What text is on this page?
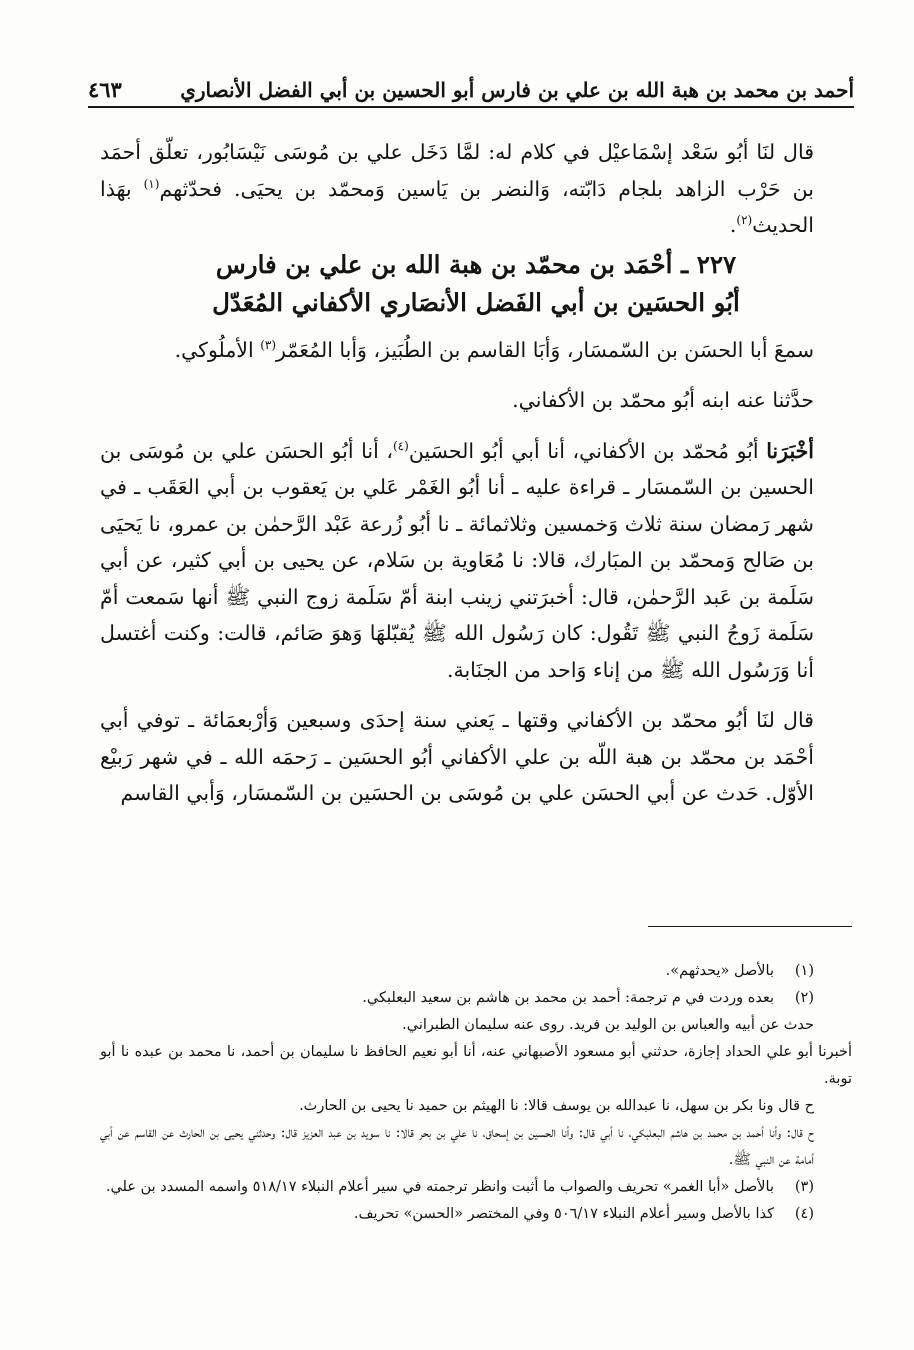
أحمد بن محمد بن هبة الله بن علي بن فارس أبو الحسين بن أبي الفضل الأنصاري
٤٦٣

قال لنَا أبُو سَعْد إسْمَاعيْل في كلام له: لمَّا دَخَل علي بن مُوسَى نَيْسَابُور، تعلّق أحمَد بن حَرْب الزاهد بلجام دَابّته، وَالنضر بن يَاسين وَمحمّد بن يحيَى. فحدّثهم$^{(١)}$ بهَذا الحديث$^{(٢)}$.

٢٢٧ ـ أحْمَد بن محمّد بن هبة الله بن علي بن فارس
أبُو الحسَين بن أبي الفَضل الأنصَاري الأكفاني المُعَدّل

سمعَ أبا الحسَن بن السّمسَار، وَأبَا القاسم بن الطُبَيز، وَأبا المُعَمّر$^{(٣)}$ الأملُوكي.

حدَّثنا عنه ابنه أبُو محمّد بن الأكفاني.

أخْبَرَنا أبُو مُحمّد بن الأكفاني، أنا أبي أبُو الحسَين$^{(٤)}$، أنا أبُو الحسَن علي بن مُوسَى بن الحسين بن السّمسَار ـ قراءة عليه ـ أنا أبُو الغَمْر عَلي بن يَعقوب بن أبي العَقَب ـ في شهر رَمضان سنة ثلاث وَخمسين وثلاثمائة ـ نا أبُو زُرعة عَبْد الرَّحمٰن بن عمرو، نا يَحيَى بن صَالح وَمحمّد بن المبَارك، قالا: نا مُعَاوية بن سَلام، عن يحيى بن أبي كثير، عن أبي سَلَمة بن عَبد الرَّحمٰن، قال: أخبرَتني زينب ابنة أمّ سَلَمة زوج النبي ﷺ أنها سَمعت أمّ سَلَمة زَوجُ النبي ﷺ تَقُول: كان رَسُول الله ﷺ يُقبّلهَا وَهوَ صَائم، قالت: وكنت أغتسل أنا وَرَسُول الله ﷺ من إناء وَاحد من الجنَابة.

قال لنَا أبُو محمّد بن الأكفاني وقتها ـ يَعني سنة إحدَى وسبعين وَأرْبعمَائة ـ توفي أبي أحْمَد بن محمّد بن هبة اللّه بن علي الأكفاني أبُو الحسَين ـ رَحمَه الله ـ في شهر رَبيْع الأوّل. حَدث عن أبي الحسَن علي بن مُوسَى بن الحسَين بن السّمسَار، وَأبي القاسم

(١)بالأصل «يحدثهم».
(٢)بعده وردت في م ترجمة: أحمد بن محمد بن هاشم بن سعيد البعلبكي.
حدث عن أبيه والعباس بن الوليد بن فريد. روى عنه سليمان الطبراني.
أخبرنا أبو علي الحداد إجازة، حدثني أبو مسعود الأصبهاني عنه، أنا أبو نعيم الحافظ نا سليمان بن أحمد، نا محمد بن عبده نا أبو توبة.
ح قال ونا بكر بن سهل، نا عبدالله بن يوسف قالا: نا الهيثم بن حميد نا يحيى بن الحارث.
ح قال: وأنا أحمد بن محمد بن هاشم البعلبكي، نا أبي قال: وأنا الحسين بن إسحاق، نا علي بن بحر قالا: نا سويد بن عبد العزيز قال: وحدثني يحيى بن الحارث عن القاسم عن أبي أمامة عن النبي ﷺ.
(٣)بالأصل «أبا الغمر» تحريف والصواب ما أثبت وانظر ترجمته في سير أعلام النبلاء ٥١٨/١٧ واسمه المسدد بن علي.
(٤)كذا بالأصل وسير أعلام النبلاء ٥٠٦/١٧ وفي المختصر «الحسن» تحريف.
